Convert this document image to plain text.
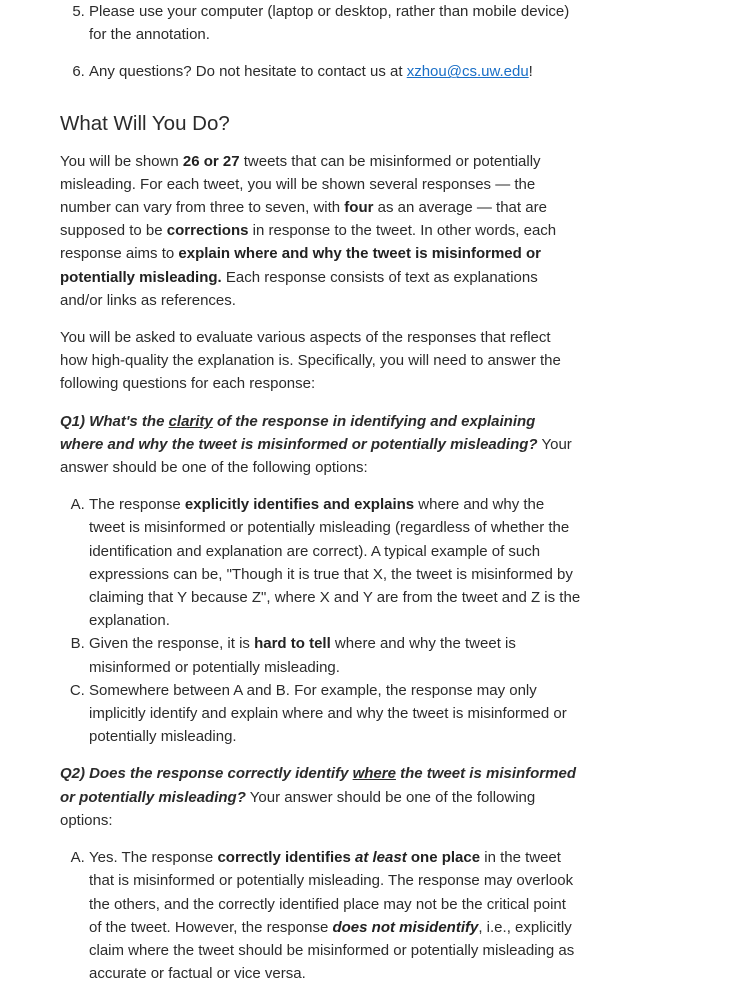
5. Please use your computer (laptop or desktop, rather than mobile device) for the annotation.
6. Any questions? Do not hesitate to contact us at xzhou@cs.uw.edu!
What Will You Do?

You will be shown 26 or 27 tweets that can be misinformed or potentially misleading. For each tweet, you will be shown several responses — the number can vary from three to seven, with four as an average — that are supposed to be corrections in response to the tweet. In other words, each response aims to explain where and why the tweet is misinformed or potentially misleading. Each response consists of text as explanations and/or links as references.

You will be asked to evaluate various aspects of the responses that reflect how high-quality the explanation is. Specifically, you will need to answer the following questions for each response:

Q1) What's the clarity of the response in identifying and explaining where and why the tweet is misinformed or potentially misleading? Your answer should be one of the following options:

A. The response explicitly identifies and explains where and why the tweet is misinformed or potentially misleading (regardless of whether the identification and explanation are correct). A typical example of such expressions can be, "Though it is true that X, the tweet is misinformed by claiming that Y because Z", where X and Y are from the tweet and Z is the explanation.
B. Given the response, it is hard to tell where and why the tweet is misinformed or potentially misleading.
C. Somewhere between A and B. For example, the response may only implicitly identify and explain where and why the tweet is misinformed or potentially misleading.

Q2) Does the response correctly identify where the tweet is misinformed or potentially misleading? Your answer should be one of the following options:

A. Yes. The response correctly identifies at least one place in the tweet that is misinformed or potentially misleading. The response may overlook the others, and the correctly identified place may not be the critical point of the tweet. However, the response does not misidentify, i.e., explicitly claim where the tweet should be misinformed or potentially misleading as accurate or factual or vice versa.
